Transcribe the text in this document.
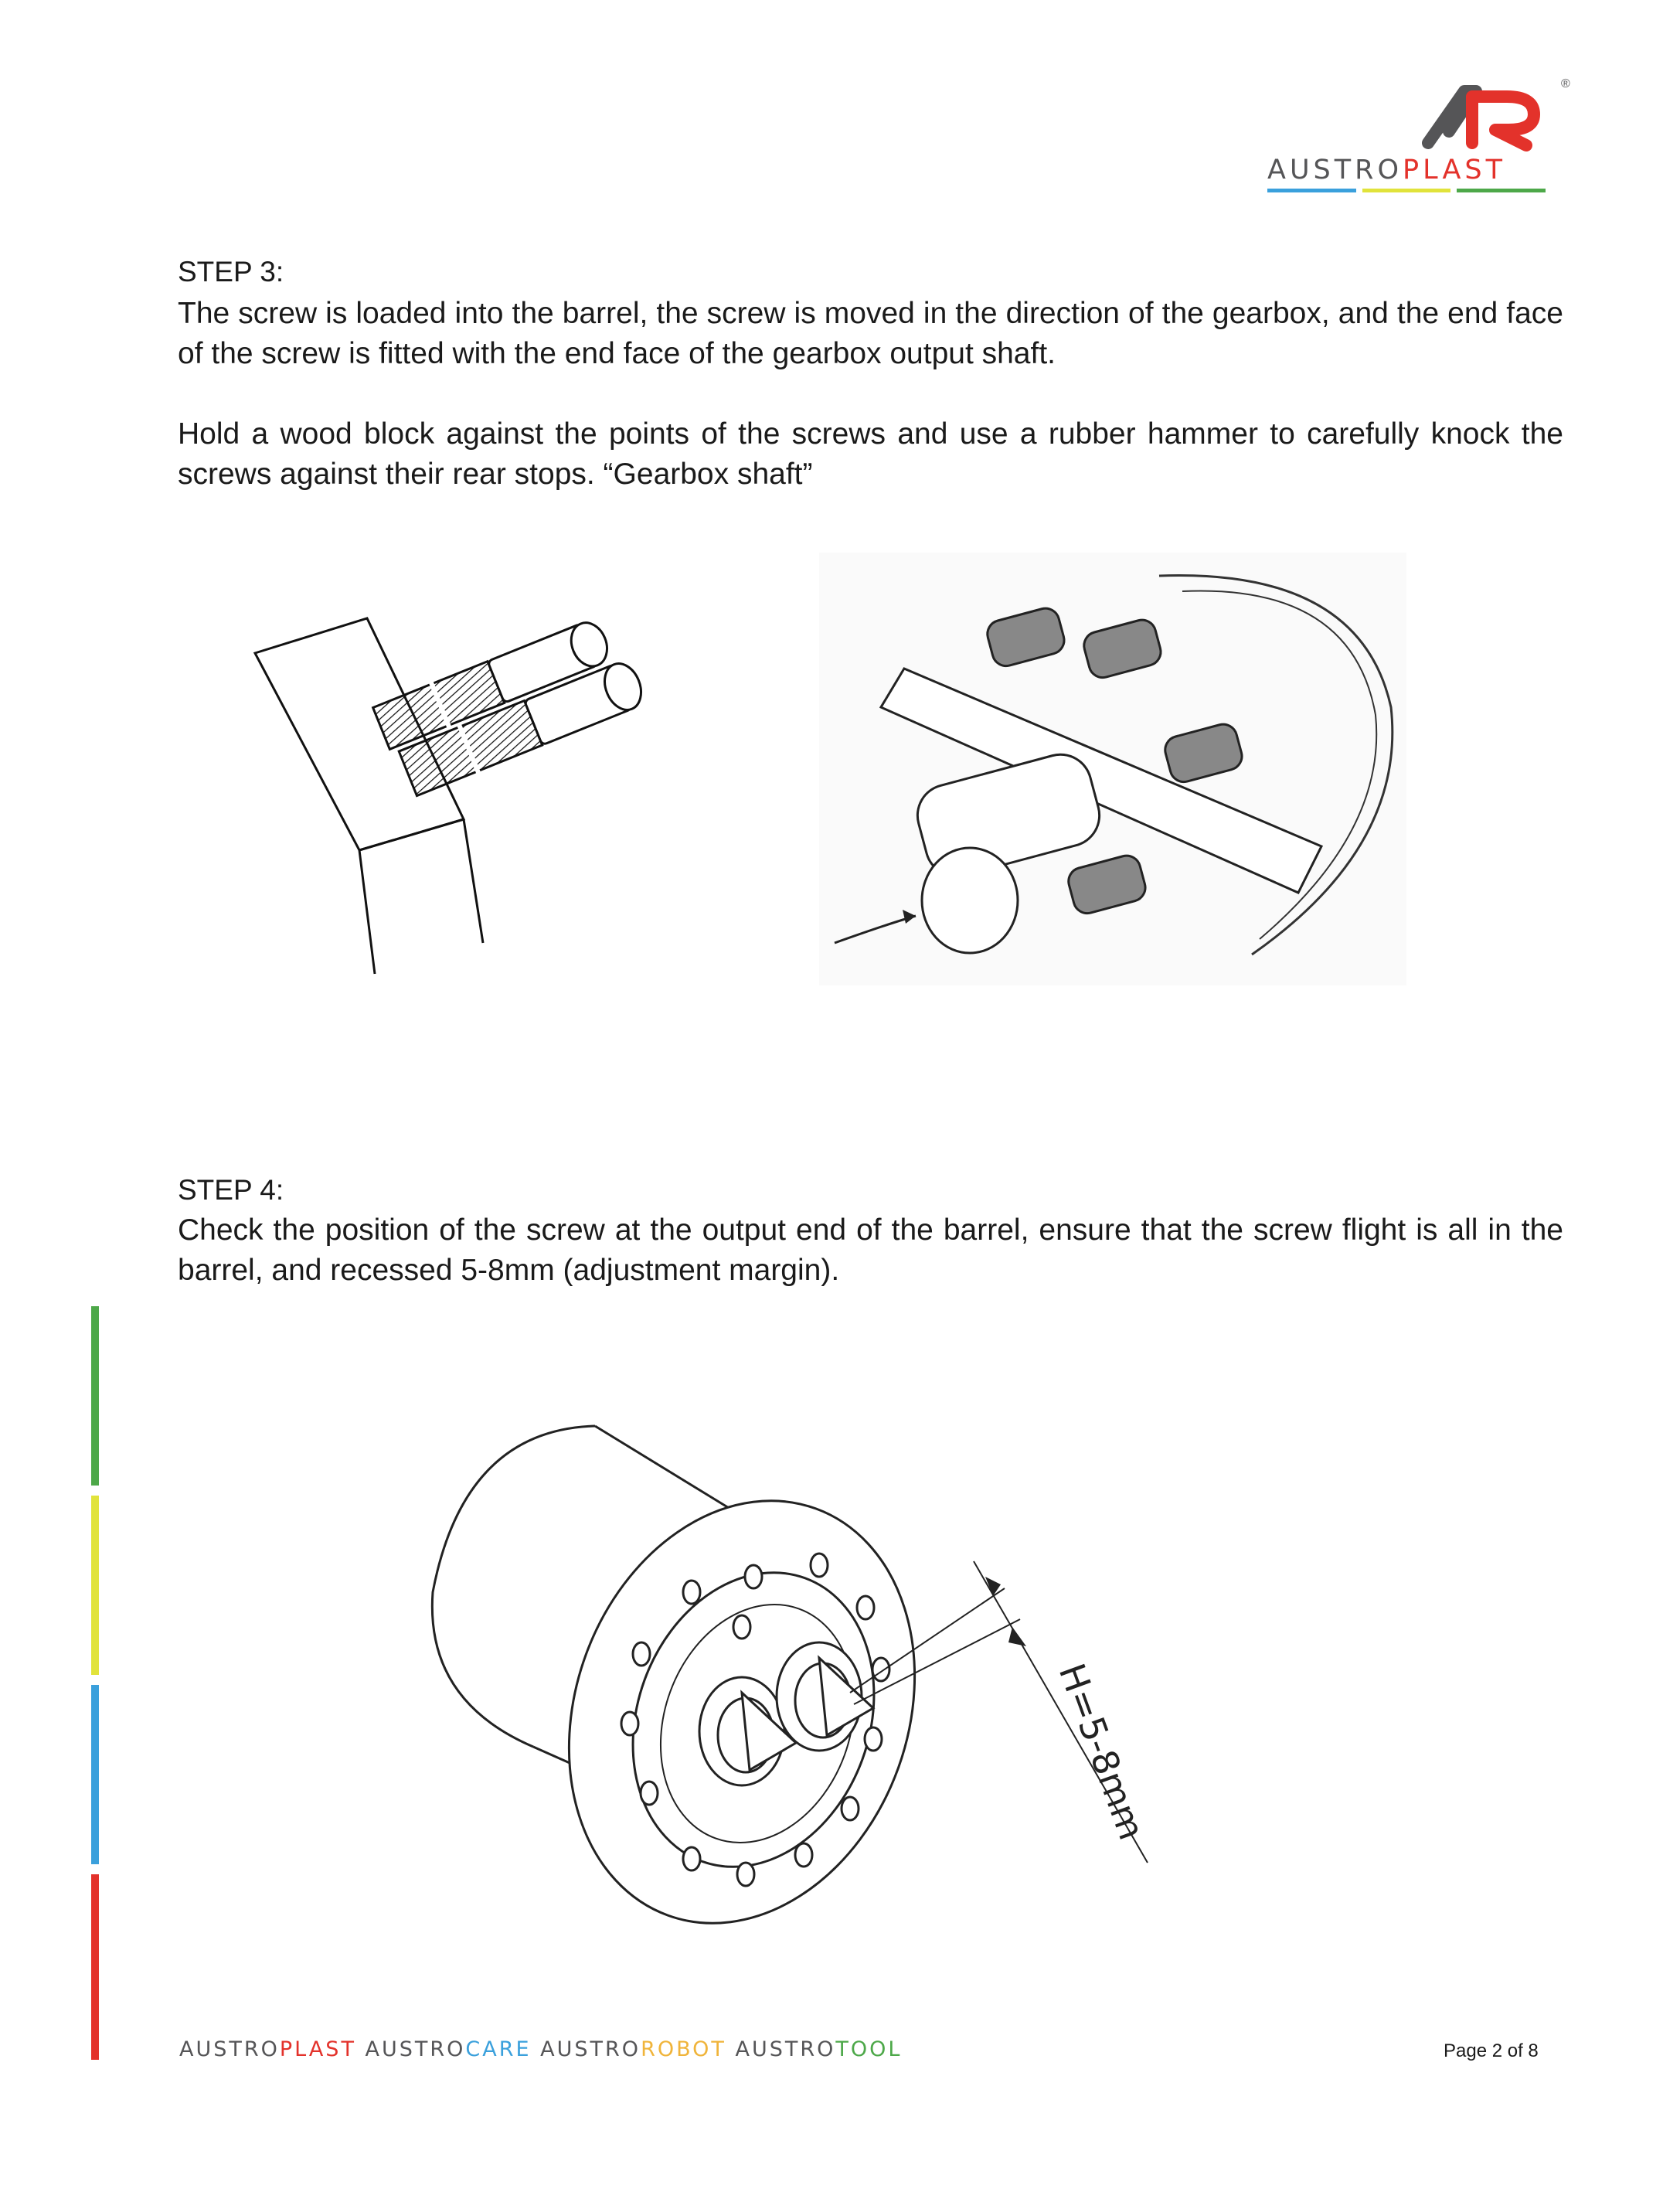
®
AUSTROPLAST
STEP 3:
The screw is loaded into the barrel, the screw is moved in the direction of the gearbox, and the end face of the screw is fitted with the end face of the gearbox output shaft.
Hold a wood block against the points of the screws and use a rubber hammer to carefully knock the screws against their rear stops. “Gearbox shaft”
STEP 4:
Check the position of the screw at the output end of the barrel, ensure that the screw flight is all in the barrel, and recessed 5-8mm (adjustment margin).
H=5-8mm
AUSTROPLAST AUSTROCARE AUSTROROBOT AUSTROTOOL	Page 2 of 8
